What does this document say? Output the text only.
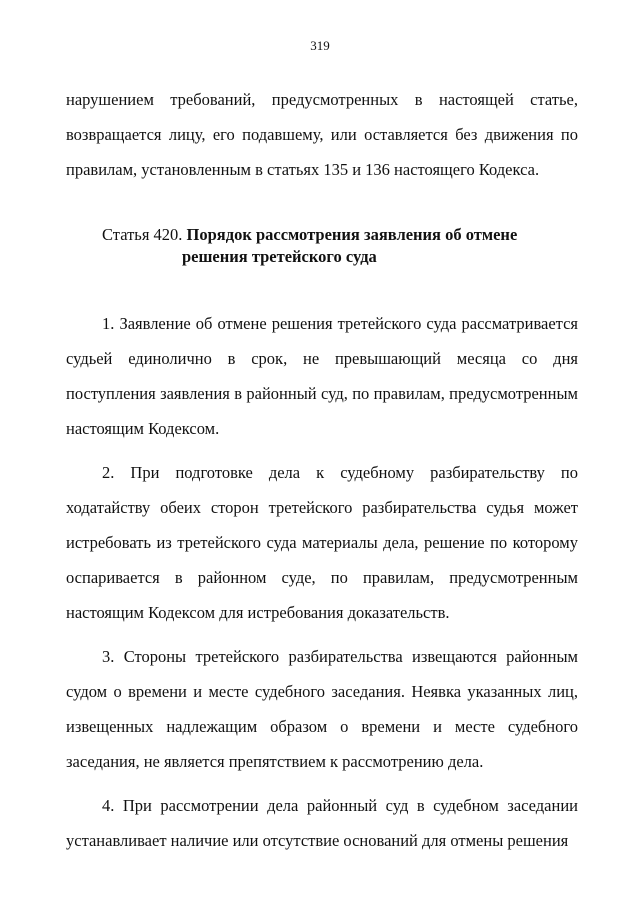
319

нарушением требований, предусмотренных в настоящей статье, возвращается лицу, его подавшему, или оставляется без движения по правилам, установленным в статьях 135 и 136 настоящего Кодекса.

Статья 420. Порядок рассмотрения заявления об отмене
решения третейского суда

1. Заявление об отмене решения третейского суда рассматривается судьей единолично в срок, не превышающий месяца со дня поступления заявления в районный суд, по правилам, предусмотренным настоящим Кодексом.

2. При подготовке дела к судебному разбирательству по ходатайству обеих сторон третейского разбирательства судья может истребовать из третейского суда материалы дела, решение по которому оспаривается в районном суде, по правилам, предусмотренным настоящим Кодексом для истребования доказательств.

3. Стороны третейского разбирательства извещаются районным судом о времени и месте судебного заседания. Неявка указанных лиц, извещенных надлежащим образом о времени и месте судебного заседания, не является препятствием к рассмотрению дела.

4. При рассмотрении дела районный суд в судебном заседании устанавливает наличие или отсутствие оснований для отмены решения
